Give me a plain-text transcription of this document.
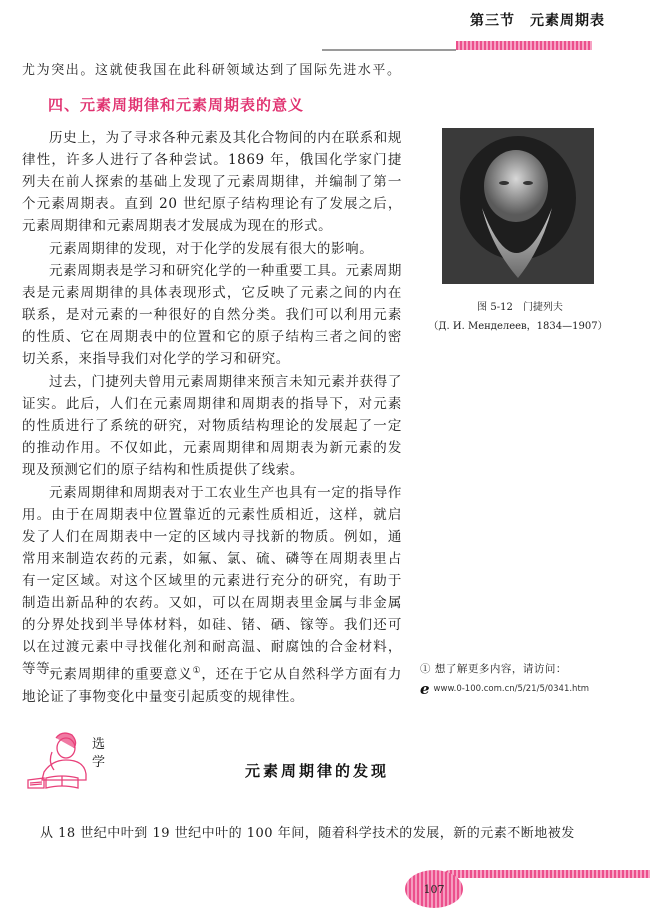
第三节　 元素周期表
尤为突出。这就使我国在此科研领域达到了国际先进水平。
四、元素周期律和元素周期表的意义
历史上，为了寻求各种元素及其化合物间的内在联系和规律性，许多人进行了各种尝试。1869 年，俄国化学家门捷列夫在前人探索的基础上发现了元素周期律，并编制了第一个元素周期表。直到 20 世纪原子结构理论有了发展之后，元素周期律和元素周期表才发展成为现在的形式。
元素周期律的发现，对于化学的发展有很大的影响。
元素周期表是学习和研究化学的一种重要工具。元素周期表是元素周期律的具体表现形式，它反映了元素之间的内在联系，是对元素的一种很好的自然分类。我们可以利用元素的性质、它在周期表中的位置和它的原子结构三者之间的密切关系，来指导我们对化学的学习和研究。
过去，门捷列夫曾用元素周期律来预言未知元素并获得了证实。此后，人们在元素周期律和周期表的指导下，对元素的性质进行了系统的研究，对物质结构理论的发展起了一定的推动作用。不仅如此，元素周期律和周期表为新元素的发现及预测它们的原子结构和性质提供了线索。
元素周期律和周期表对于工农业生产也具有一定的指导作用。由于在周期表中位置靠近的元素性质相近，这样，就启发了人们在周期表中一定的区域内寻找新的物质。例如，通常用来制造农药的元素，如氟、氯、硫、磷等在周期表里占有一定区域。对这个区域里的元素进行充分的研究，有助于制造出新品种的农药。又如，可以在周期表里金属与非金属的分界处找到半导体材料，如硅、锗、硒、镓等。我们还可以在过渡元素中寻找催化剂和耐高温、耐腐蚀的合金材料，等等。
元素周期律的重要意义①，还在于它从自然科学方面有力地论证了事物变化中量变引起质变的规律性。
图 5-12　门捷列夫
（Д. И. Менделеев，1834—1907）
① 想了解更多内容，请访问：
e www.0-100.com.cn/5/21/5/0341.htm
选
学	元素周期律的发现
从 18 世纪中叶到 19 世纪中叶的 100 年间，随着科学技术的发展，新的元素不断地被发
107
